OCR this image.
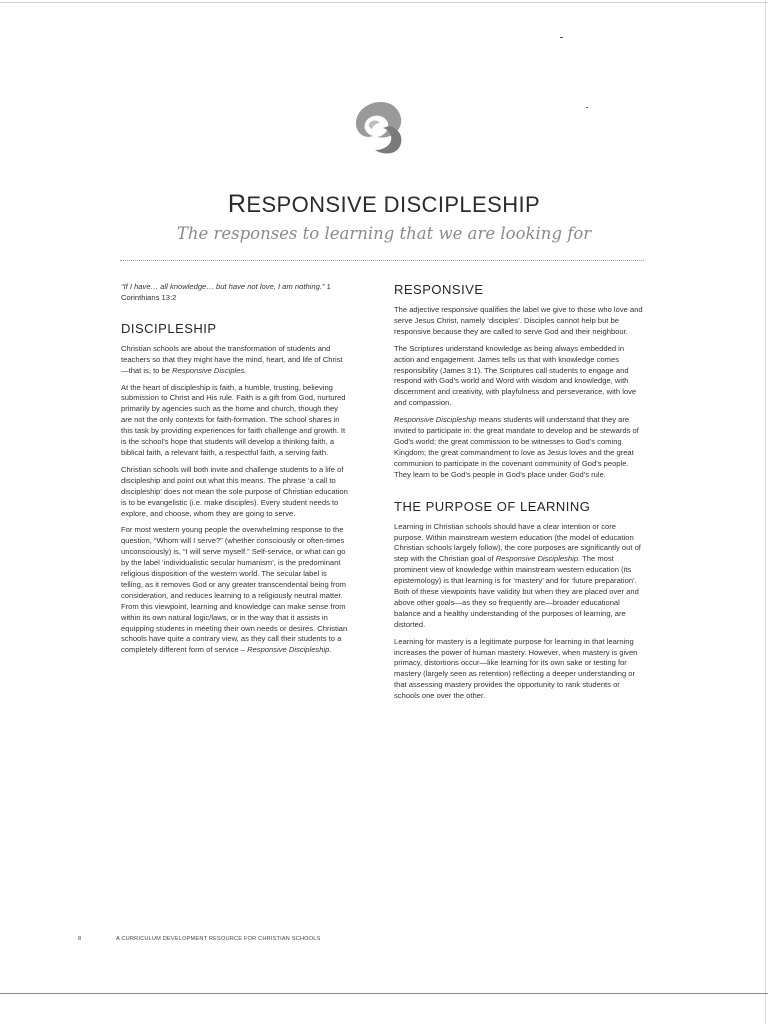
RESPONSIVE DISCIPLESHIP
The responses to learning that we are looking for

“If I have… all knowledge… but have not love, I am nothing.” 1 Corinthians 13:2

DISCIPLESHIP

Christian schools are about the transformation of students and teachers so that they might have the mind, heart, and life of Christ—that is, to be Responsive Disciples.

At the heart of discipleship is faith, a humble, trusting, believing submission to Christ and His rule. Faith is a gift from God, nurtured primarily by agencies such as the home and church, though they are not the only contexts for faith-formation. The school shares in this task by providing experiences for faith challenge and growth. It is the school’s hope that students will develop a thinking faith, a biblical faith, a relevant faith, a respectful faith, a serving faith.

Christian schools will both invite and challenge students to a life of discipleship and point out what this means. The phrase ‘a call to discipleship’ does not mean the sole purpose of Christian education is to be evangelistic (i.e. make disciples). Every student needs to explore, and choose, whom they are going to serve.

For most western young people the overwhelming response to the question, “Whom will I serve?” (whether consciously or often-times unconsciously) is, “I will serve myself.” Self-service, or what can go by the label ‘individualistic secular humanism’, is the predominant religious disposition of the western world. The secular label is telling, as it removes God or any greater transcendental being from consideration, and reduces learning to a religiously neutral matter. From this viewpoint, learning and knowledge can make sense from within its own natural logic/laws, or in the way that it assists in equipping students in meeting their own needs or desires. Christian schools have quite a contrary view, as they call their students to a completely different form of service – Responsive Discipleship.

RESPONSIVE

The adjective responsive qualifies the label we give to those who love and serve Jesus Christ, namely ‘disciples’. Disciples cannot help but be responsive because they are called to serve God and their neighbour.

The Scriptures understand knowledge as being always embedded in action and engagement. James tells us that with knowledge comes responsibility (James 3:1). The Scriptures call students to engage and respond with God’s world and Word with wisdom and knowledge, with discernment and creativity, with playfulness and perseverance, with love and compassion.

Responsive Discipleship means students will understand that they are invited to participate in: the great mandate to develop and be stewards of God’s world; the great commission to be witnesses to God’s coming Kingdom; the great commandment to love as Jesus loves and the great communion to participate in the covenant community of God’s people. They learn to be God’s people in God’s place under God’s rule.

THE PURPOSE OF LEARNING

Learning in Christian schools should have a clear intention or core purpose. Within mainstream western education (the model of education Christian schools largely follow), the core purposes are significantly out of step with the Christian goal of Responsive Discipleship. The most prominent view of knowledge within mainstream western education (its epistemology) is that learning is for ‘mastery’ and for ‘future preparation’. Both of these viewpoints have validity but when they are placed over and above other goals—as they so frequently are—broader educational balance and a healthy understanding of the purposes of learning, are distorted.

Learning for mastery is a legitimate purpose for learning in that learning increases the power of human mastery. However, when mastery is given primacy, distortions occur—like learning for its own sake or testing for mastery (largely seen as retention) reflecting a deeper understanding or that assessing mastery provides the opportunity to rank students or schools one over the other.

8	A CURRICULUM DEVELOPMENT RESOURCE FOR CHRISTIAN SCHOOLS
